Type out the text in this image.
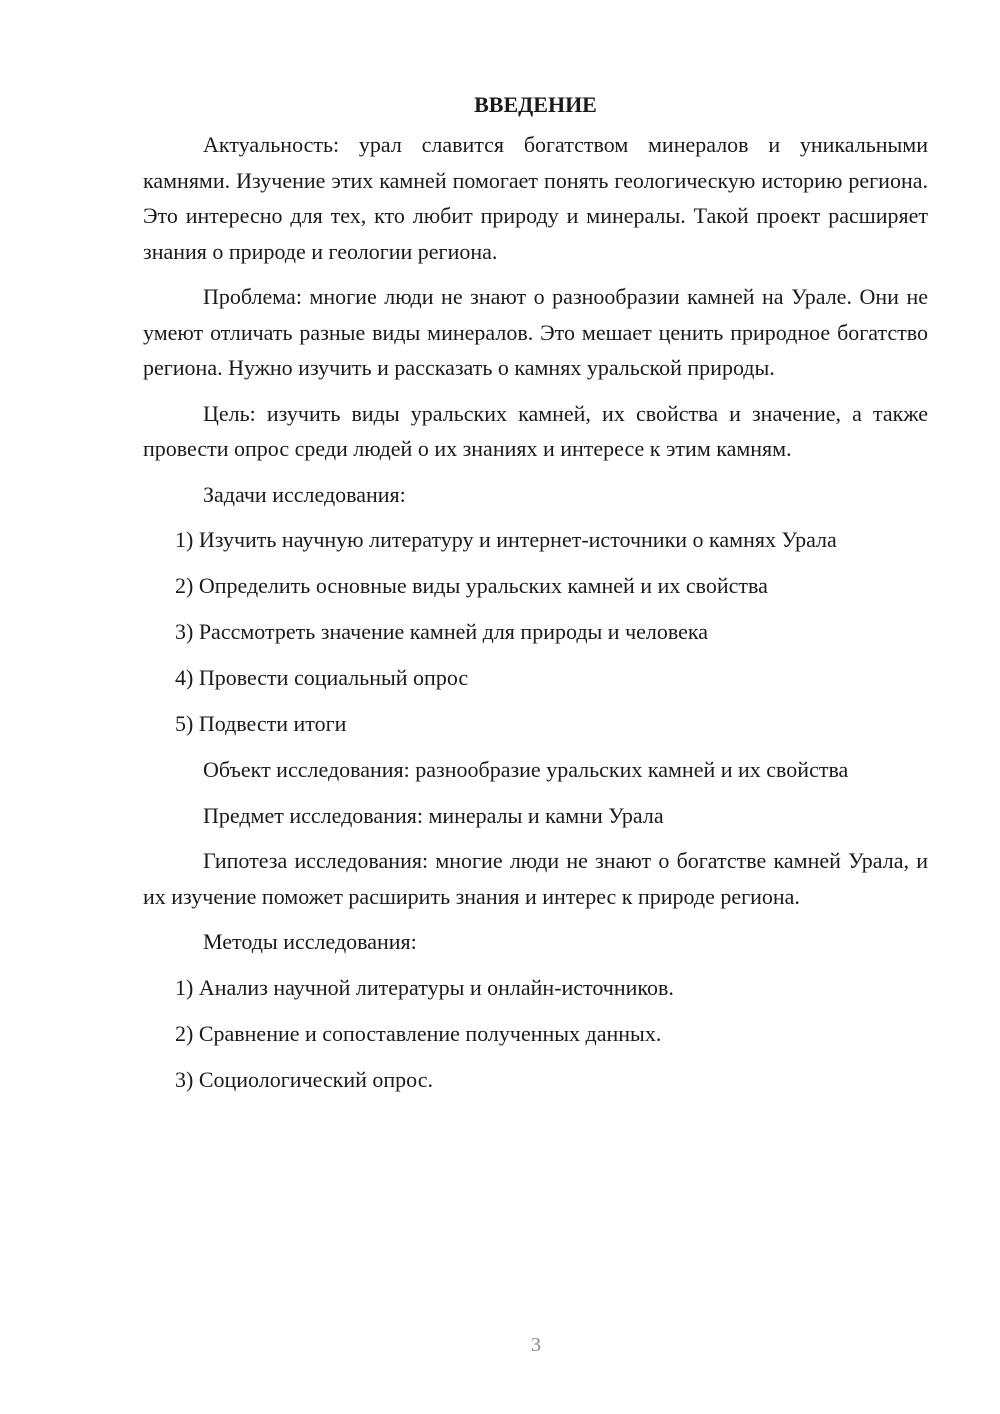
ВВЕДЕНИЕ

Актуальность: урал славится богатством минералов и уникальными камнями. Изучение этих камней помогает понять геологическую историю региона. Это интересно для тех, кто любит природу и минералы. Такой проект расширяет знания о природе и геологии региона.

Проблема: многие люди не знают о разнообразии камней на Урале. Они не умеют отличать разные виды минералов. Это мешает ценить природное богатство региона. Нужно изучить и рассказать о камнях уральской природы.

Цель: изучить виды уральских камней, их свойства и значение, а также провести опрос среди людей о их знаниях и интересе к этим камням.

Задачи исследования:

1) Изучить научную литературу и интернет-источники о камнях Урала
2) Определить основные виды уральских камней и их свойства
3) Рассмотреть значение камней для природы и человека
4) Провести социальный опрос
5) Подвести итоги

Объект исследования: разнообразие уральских камней и их свойства

Предмет исследования: минералы и камни Урала

Гипотеза исследования: многие люди не знают о богатстве камней Урала, и их изучение поможет расширить знания и интерес к природе региона.

Методы исследования:

1) Анализ научной литературы и онлайн-источников.
2) Сравнение и сопоставление полученных данных.
3) Социологический опрос.
3
